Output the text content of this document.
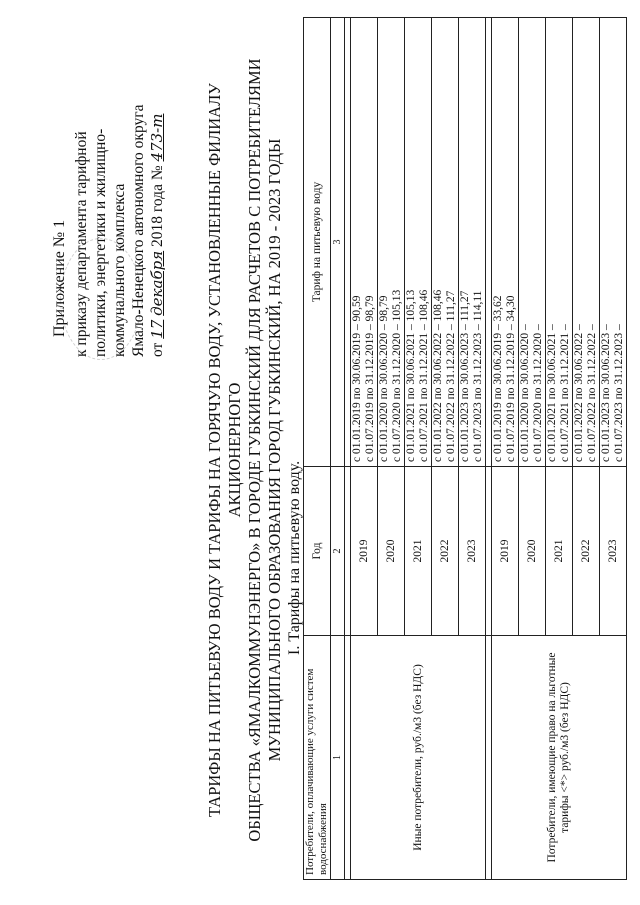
Приложение № 1 к приказу департамента тарифной политики, энергетики и жилищно- коммунального комплекса Ямало-Ненецкого автономного округа от 17 декабря 2018 года № 473-т ТАРИФЫ НА ПИТЬЕВУЮ ВОДУ И ТАРИФЫ НА ГОРЯЧУЮ ВОДУ, УСТАНОВЛЕННЫЕ ФИЛИАЛУ АКЦИОНЕРНОГО ОБЩЕСТВА «ЯМАЛКОММУНЭНЕРГО» В ГОРОДЕ ГУБКИНСКИЙ ДЛЯ РАСЧЕТОВ С ПОТРЕБИТЕЛЯМИ МУНИЦИПАЛЬНОГО ОБРАЗОВАНИЯ ГОРОД ГУБКИНСКИЙ, НА 2019 - 2023 ГОДЫ I. Тарифы на питьевую воду.
Потребители, оплачивающие услуги систем водоснабжения	Год	Тариф на питьевую воду
1	2	3

Иные потребители, руб./м3 (без НДС)	2019	с 01.01.2019 по 30.06.2019 – 90,59 с 01.07.2019 по 31.12.2019 – 98,79

	2020	с 01.01.2020 по 30.06.2020 – 98,79 с 01.07.2020 по 31.12.2020 – 105,13

	2021	с 01.01.2021 по 30.06.2021 – 105,13 с 01.07.2021 по 31.12.2021 – 108,46

	2022	с 01.01.2022 по 30.06.2022 – 108,46 с 01.07.2022 по 31.12.2022 – 111,27

	2023	с 01.01.2023 по 30.06.2023 – 111,27 с 01.07.2023 по 31.12.2023 – 114,11

Потребители, имеющие право на льготные тарифы <*> руб./м3 (без НДС)	2019	с 01.01.2019 по 30.06.2019 – 33,62 с 01.07.2019 по 31.12.2019 – 34,30

	2020	с 01.01.2020 по 30.06.2020 – с 01.07.2020 по 31.12.2020 –

	2021	с 01.01.2021 по 30.06.2021 – с 01.07.2021 по 31.12.2021 –

	2022	с 01.01.2022 по 30.06.2022 – с 01.07.2022 по 31.12.2022 –

	2023	с 01.01.2023 по 30.06.2023 – с 01.07.2023 по 31.12.2023 –
